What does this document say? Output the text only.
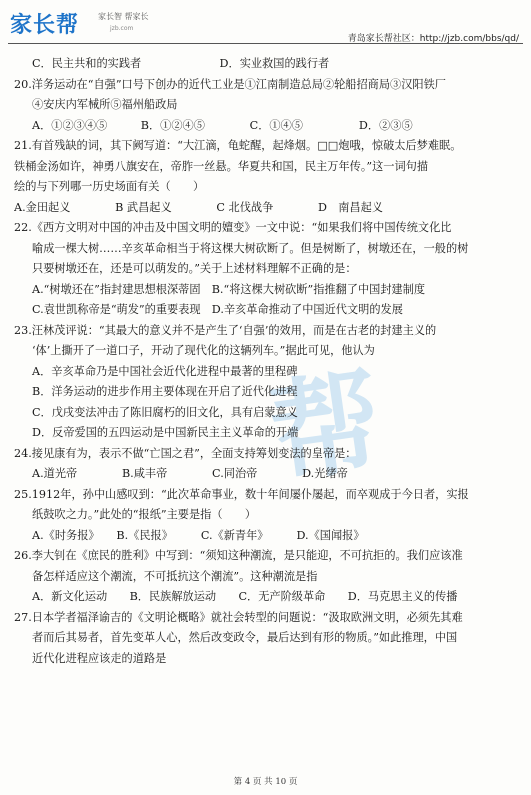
家长帮 家长智 帮家长
jzb.com
青岛家长帮社区：http://jzb.com/bbs/qd/
帮
C．民主共和的实践者　　　　　　　D．实业救国的践行者
20.洋务运动在“自强”口号下创办的近代工业是①江南制造总局②轮船招商局③汉阳铁厂
④安庆内军械所⑤福州船政局
A．①②③④⑤　　　B．①②④⑤　　　　C．①④⑤　　　　　D．②③⑤
21.有首残缺的词，其下阙写道：“大江滴，龟蛇醒，起烽烟。□□炮哦，惊破太后梦难眠。
铁桶金汤如许，神勇八旗安在，帝胙一丝悬。华夏共和国，民主万年传。”这一词句描
绘的与下列哪一历史场面有关（　　）
A.金田起义　　　　B 武昌起义　　　　C 北伐战争　　　　D　南昌起义
22.《西方文明对中国的冲击及中国文明的嬗变》一文中说：“如果我们将中国传统文化比
喻成一棵大树……辛亥革命相当于将这棵大树砍断了。但是树断了，树墩还在，一般的树
只要树墩还在，还是可以萌发的。”关于上述材料理解不正确的是：
A.“树墩还在”指封建思想根深蒂固　B.“将这棵大树砍断”指推翻了中国封建制度
C.袁世凯称帝是“萌发”的重要表现　D.辛亥革命推动了中国近代文明的发展
23.汪林茂评说：“其最大的意义并不是产生了‘自强’的效用，而是在古老的封建主义的
‘体’上撕开了一道口子，开动了现代化的这辆列车。”据此可见，他认为
A．辛亥革命乃是中国社会近代化进程中最著的里程碑
B．洋务运动的进步作用主要体现在开启了近代化进程
C．戊戌变法冲击了陈旧腐朽的旧文化，具有启蒙意义
D．反帝爱国的五四运动是中国新民主主义革命的开端
24.接见康有为，表示不做“亡国之君”，全面支持筹划变法的皇帝是：
A.道光帝　　　　B.咸丰帝　　　　C.同治帝　　　　D.光绪帝
25.1912年，孙中山感叹到：“此次革命事业，数十年间屡仆屡起，而卒观成于今日者，实报
纸鼓吹之力。”此处的“报纸”主要是指（　　）
A.《时务报》　　B.《民报》　　　C.《新青年》　　　D.《国闻报》
26.李大钊在《庶民的胜利》中写到：“须知这种潮流，是只能迎，不可抗拒的。我们应该准
备怎样适应这个潮流，不可抵抗这个潮流”。这种潮流是指
A．新文化运动　　B．民族解放运动　　C．无产阶级革命　　D．马克思主义的传播
27.日本学者福泽谕吉的《文明论概略》就社会转型的问题说：“汲取欧洲文明，必须先其难
者而后其易者，首先变革人心，然后改变政令，最后达到有形的物质。”如此推理，中国
近代化进程应该走的道路是
第 4 页 共 10 页
